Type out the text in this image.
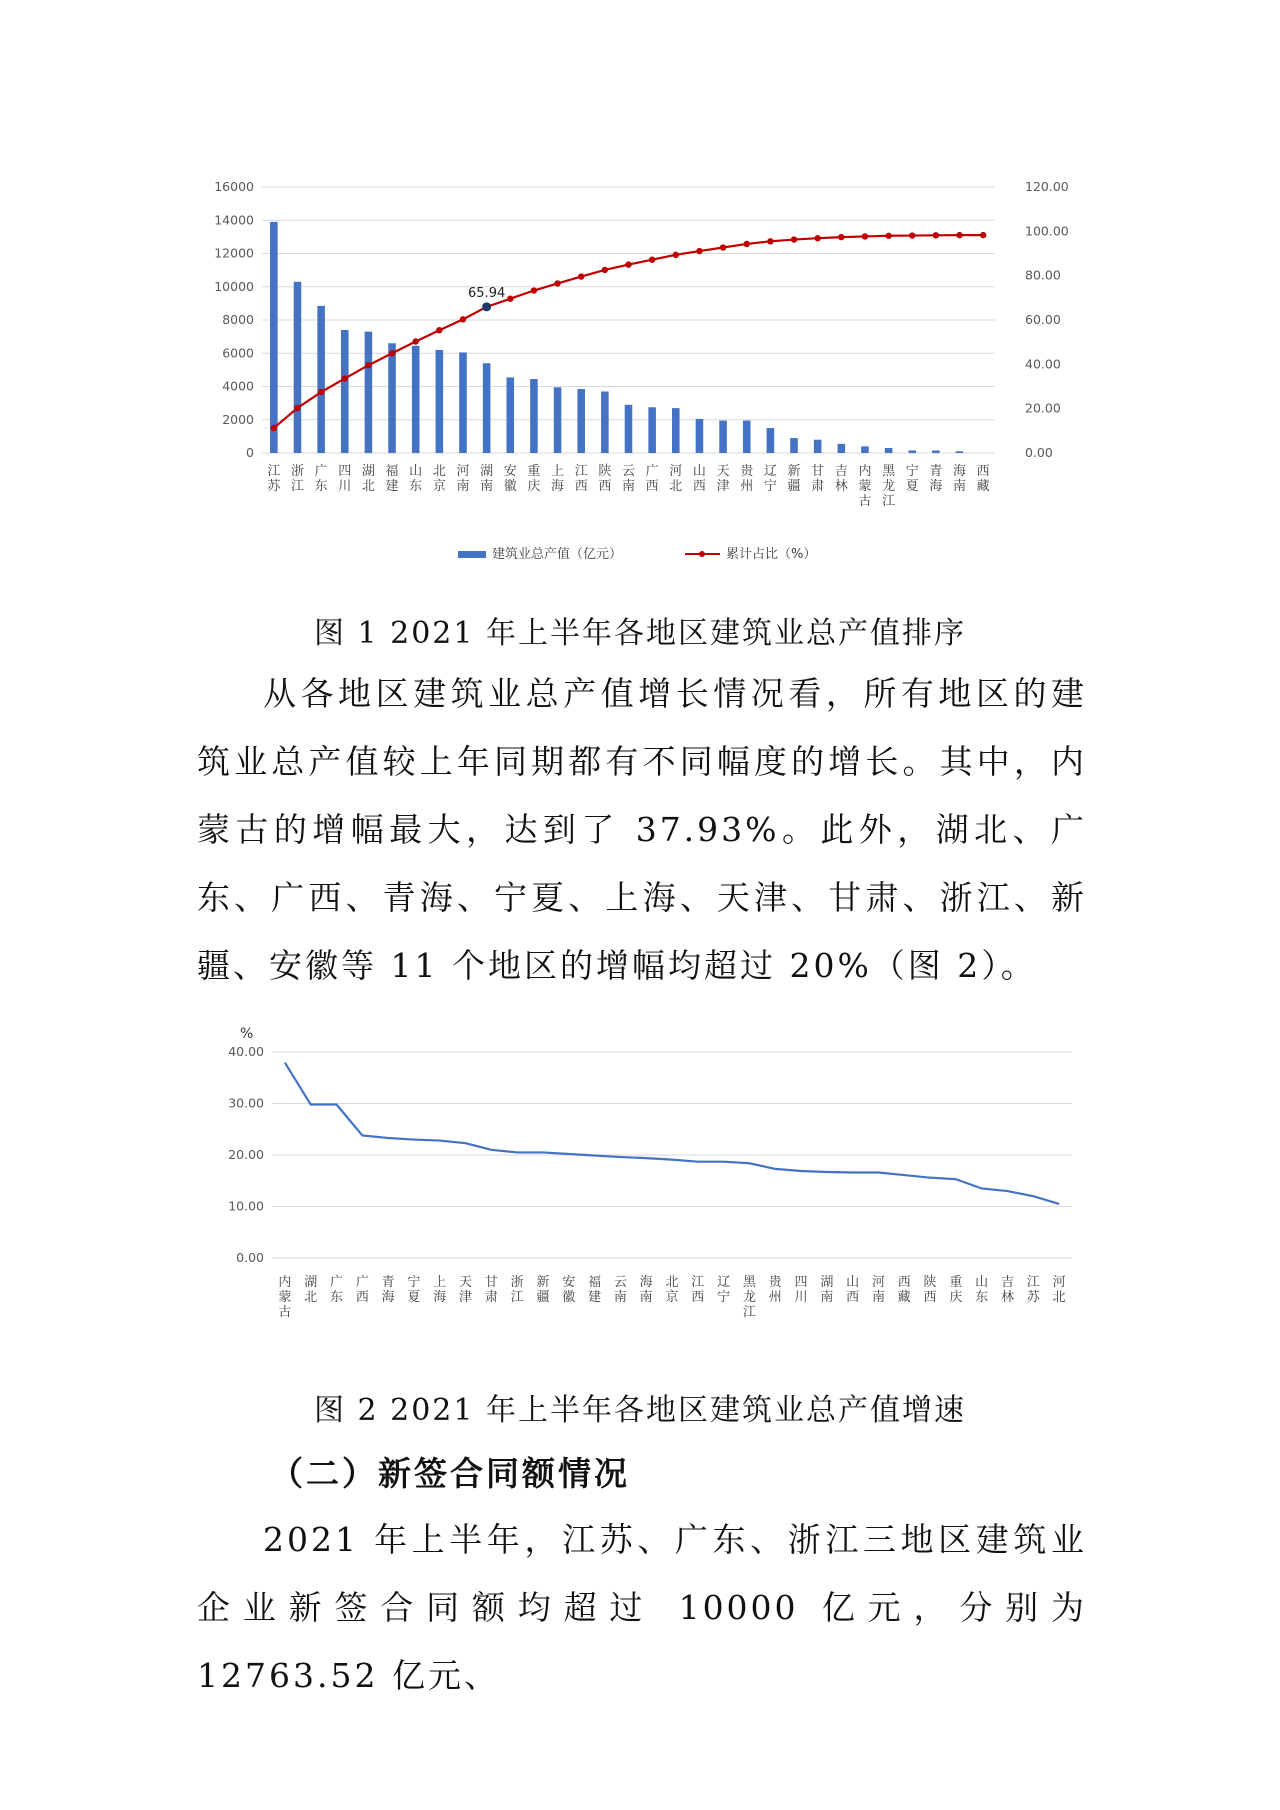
0
2000
4000
6000
8000
10000
12000
14000
16000
0.00
20.00
40.00
60.00
80.00
100.00
120.00
65.94
江
苏
浙
江
广
东
四
川
湖
北
福
建
山
东
北
京
河
南
湖
南
安
徽
重
庆
上
海
江
西
陕
西
云
南
广
西
河
北
山
西
天
津
贵
州
辽
宁
新
疆
甘
肃
吉
林
内
蒙
古
黑
龙
江
宁
夏
青
海
海
南
西
藏
建筑业总产值（亿元）	累计占比（%）
图 1 2021 年上半年各地区建筑业总产值排序
从各地区建筑业总产值增长情况看，所有地区的建筑业总产值较上年同期都有不同幅度的增长。其中，内蒙古的增幅最大，达到了 37.93%。此外，湖北、广东、广西、青海、宁夏、上海、天津、甘肃、浙江、新疆、安徽等 11 个地区的增幅均超过 20%（图 2）。
%
0.00
10.00
20.00
30.00
40.00
内
蒙
古
湖
北
广
东
广
西
青
海
宁
夏
上
海
天
津
甘
肃
浙
江
新
疆
安
徽
福
建
云
南
海
南
北
京
江
西
辽
宁
黑
龙
江
贵
州
四
川
湖
南
山
西
河
南
西
藏
陕
西
重
庆
山
东
吉
林
江
苏
河
北
图 2 2021 年上半年各地区建筑业总产值增速
（二）新签合同额情况
2021 年上半年，江苏、广东、浙江三地区建筑业企业新签合同额均超过 10000 亿元，分别为 12763.52 亿元、
